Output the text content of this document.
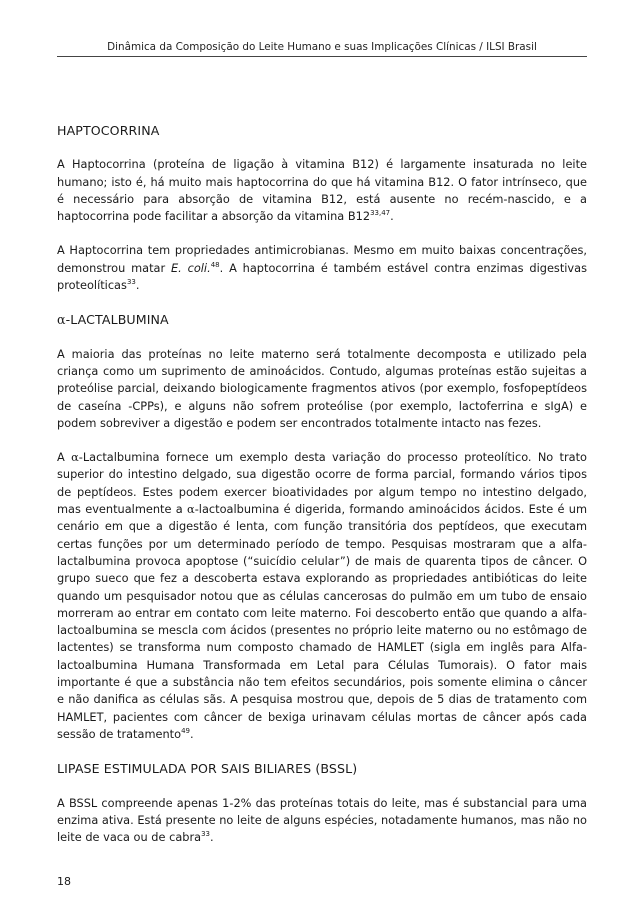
Dinâmica da Composição do Leite Humano e suas Implicações Clínicas / ILSI Brasil
HAPTOCORRINA

A Haptocorrina (proteína de ligação à vitamina B12) é largamente insaturada no leite humano; isto é, há muito mais haptocorrina do que há vitamina B12. O fator intrínseco, que é necessário para absorção de vitamina B12, está ausente no recém-nascido, e a haptocorrina pode facilitar a absorção da vitamina B12$^{33,47}$.

A Haptocorrina tem propriedades antimicrobianas. Mesmo em muito baixas concentrações, demonstrou matar E. coli.$^{48}$. A haptocorrina é também estável contra enzimas digestivas proteolíticas$^{33}$.

α-LACTALBUMINA

A maioria das proteínas no leite materno será totalmente decomposta e utilizado pela criança como um suprimento de aminoácidos. Contudo, algumas proteínas estão sujeitas a proteólise parcial, deixando biologicamente fragmentos ativos (por exemplo, fosfopeptídeos de caseína -CPPs), e alguns não sofrem proteólise (por exemplo, lactoferrina e sIgA) e podem sobreviver a digestão e podem ser encontrados totalmente intacto nas fezes.

A α-Lactalbumina fornece um exemplo desta variação do processo proteolítico. No trato superior do intestino delgado, sua digestão ocorre de forma parcial, formando vários tipos de peptídeos. Estes podem exercer bioatividades por algum tempo no intestino delgado, mas eventualmente a α-lactoalbumina é digerida, formando aminoácidos ácidos. Este é um cenário em que a digestão é lenta, com função transitória dos peptídeos, que executam certas funções por um determinado período de tempo. Pesquisas mostraram que a alfa-lactalbumina provoca apoptose (“suicídio celular”) de mais de quarenta tipos de câncer. O grupo sueco que fez a descoberta estava explorando as propriedades antibióticas do leite quando um pesquisador notou que as células cancerosas do pulmão em um tubo de ensaio morreram ao entrar em contato com leite materno. Foi descoberto então que quando a alfa-lactoalbumina se mescla com ácidos (presentes no próprio leite materno ou no estômago de lactentes) se transforma num composto chamado de HAMLET (sigla em inglês para Alfa-lactoalbumina Humana Transformada em Letal para Células Tumorais). O fator mais importante é que a substância não tem efeitos secundários, pois somente elimina o câncer e não danifica as células sãs. A pesquisa mostrou que, depois de 5 dias de tratamento com HAMLET, pacientes com câncer de bexiga urinavam células mortas de câncer após cada sessão de tratamento$^{49}$.

LIPASE ESTIMULADA POR SAIS BILIARES (BSSL)

A BSSL compreende apenas 1-2% das proteínas totais do leite, mas é substancial para uma enzima ativa. Está presente no leite de alguns espécies, notadamente humanos, mas não no leite de vaca ou de cabra$^{33}$.

18
